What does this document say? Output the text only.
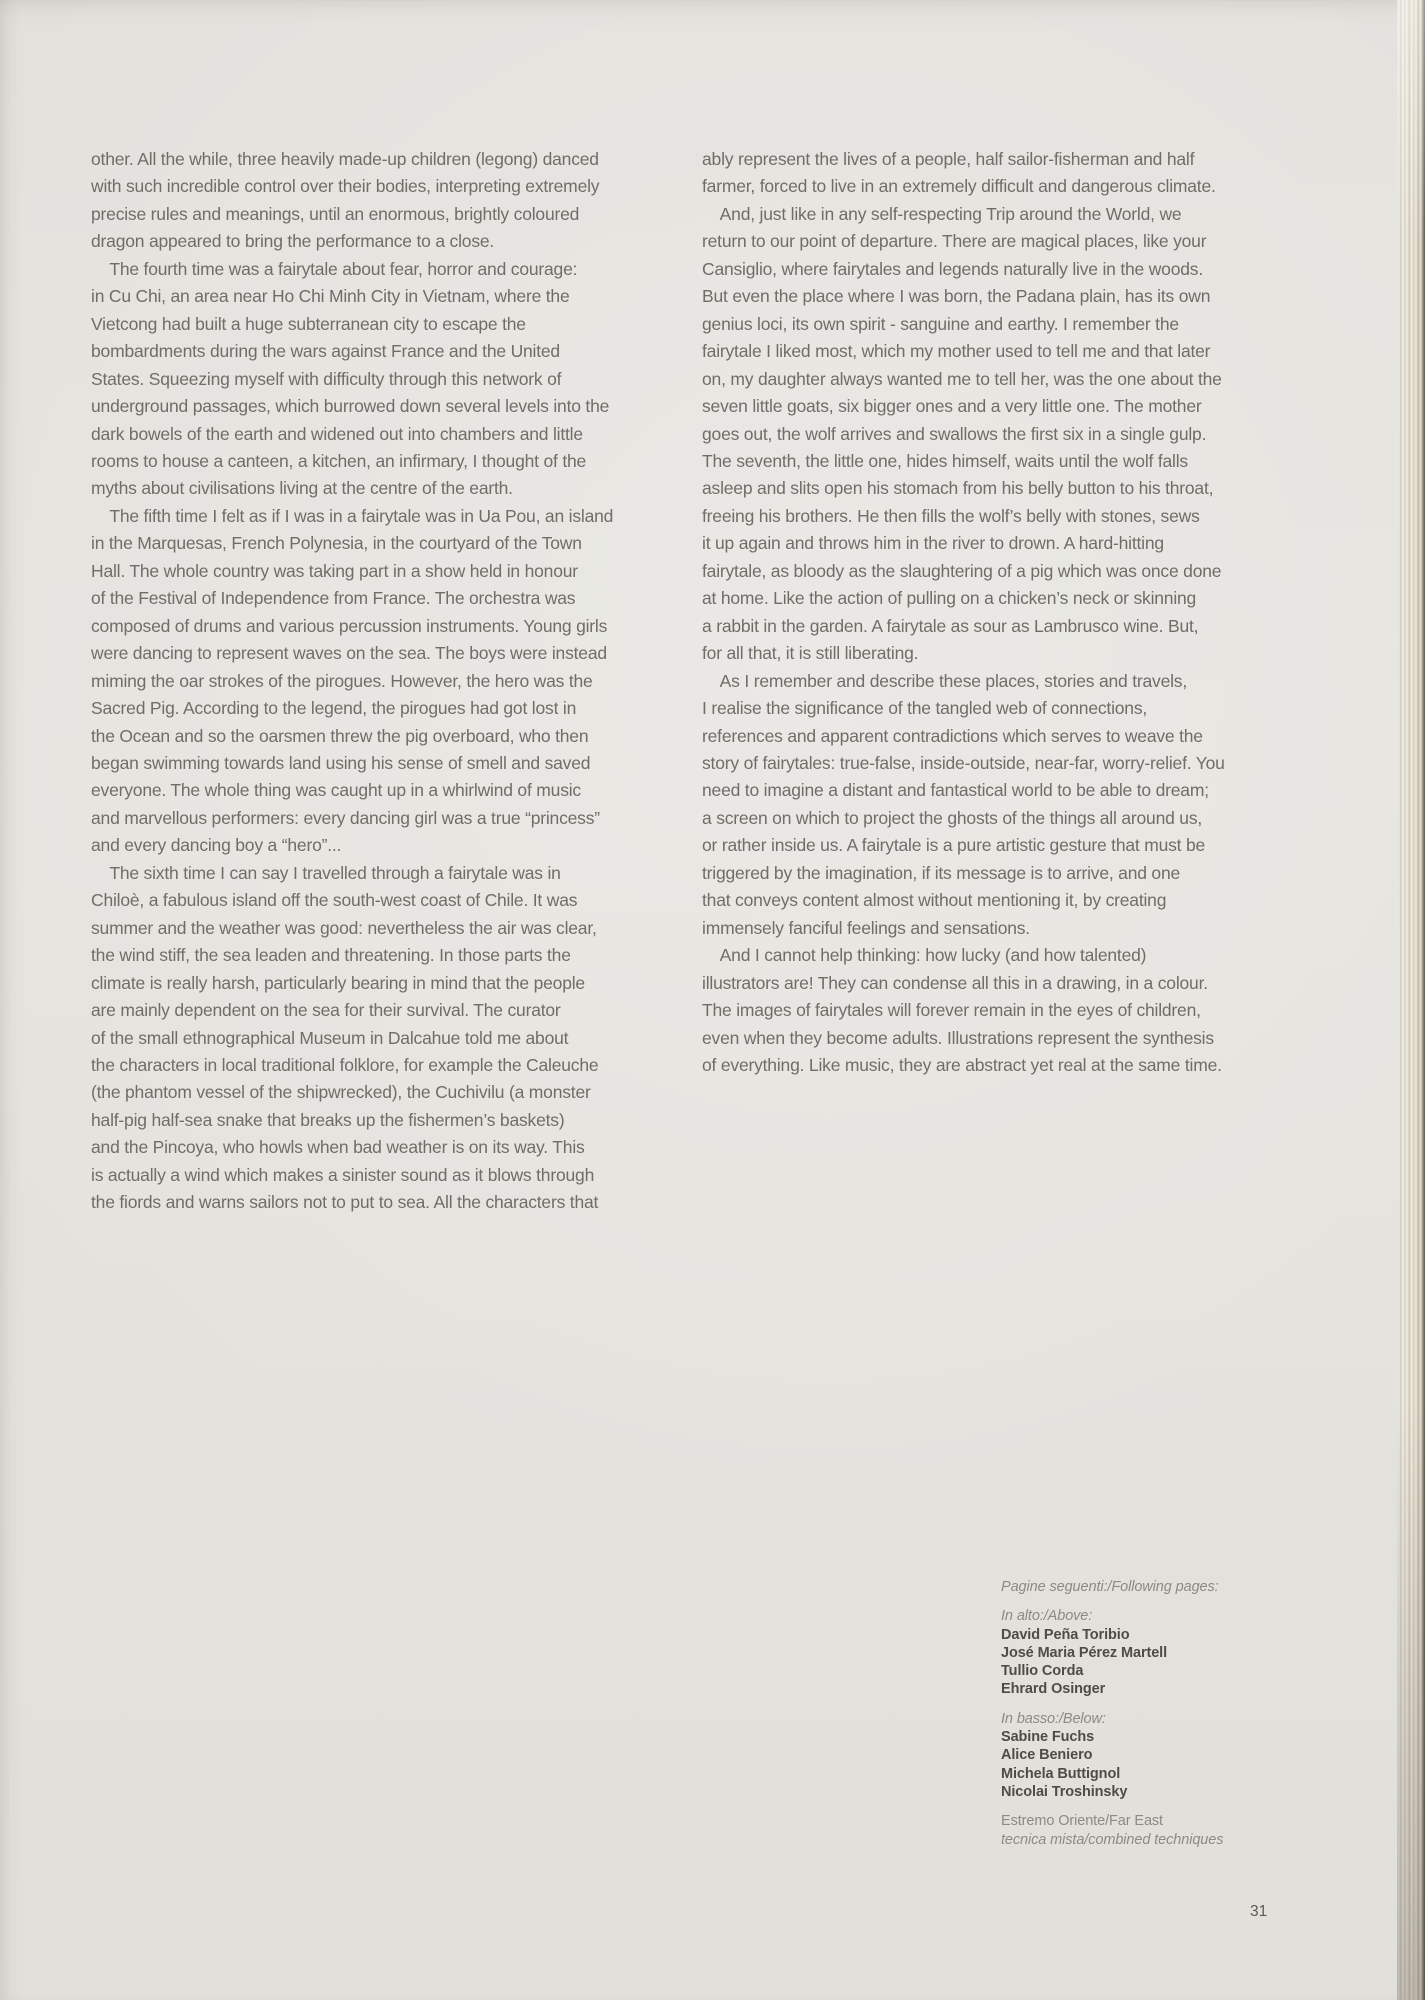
other. All the while, three heavily made-up children (legong) danced
with such incredible control over their bodies, interpreting extremely
precise rules and meanings, until an enormous, brightly coloured
dragon appeared to bring the performance to a close.
The fourth time was a fairytale about fear, horror and courage:
in Cu Chi, an area near Ho Chi Minh City in Vietnam, where the
Vietcong had built a huge subterranean city to escape the
bombardments during the wars against France and the United
States. Squeezing myself with difficulty through this network of
underground passages, which burrowed down several levels into the
dark bowels of the earth and widened out into chambers and little
rooms to house a canteen, a kitchen, an infirmary, I thought of the
myths about civilisations living at the centre of the earth.
The fifth time I felt as if I was in a fairytale was in Ua Pou, an island
in the Marquesas, French Polynesia, in the courtyard of the Town
Hall. The whole country was taking part in a show held in honour
of the Festival of Independence from France. The orchestra was
composed of drums and various percussion instruments. Young girls
were dancing to represent waves on the sea. The boys were instead
miming the oar strokes of the pirogues. However, the hero was the
Sacred Pig. According to the legend, the pirogues had got lost in
the Ocean and so the oarsmen threw the pig overboard, who then
began swimming towards land using his sense of smell and saved
everyone. The whole thing was caught up in a whirlwind of music
and marvellous performers: every dancing girl was a true “princess”
and every dancing boy a “hero”...
The sixth time I can say I travelled through a fairytale was in
Chiloè, a fabulous island off the south-west coast of Chile. It was
summer and the weather was good: nevertheless the air was clear,
the wind stiff, the sea leaden and threatening. In those parts the
climate is really harsh, particularly bearing in mind that the people
are mainly dependent on the sea for their survival. The curator
of the small ethnographical Museum in Dalcahue told me about
the characters in local traditional folklore, for example the Caleuche
(the phantom vessel of the shipwrecked), the Cuchivilu (a monster
half-pig half-sea snake that breaks up the fishermen’s baskets)
and the Pincoya, who howls when bad weather is on its way. This
is actually a wind which makes a sinister sound as it blows through
the fiords and warns sailors not to put to sea. All the characters that
ably represent the lives of a people, half sailor-fisherman and half
farmer, forced to live in an extremely difficult and dangerous climate.
And, just like in any self-respecting Trip around the World, we
return to our point of departure. There are magical places, like your
Cansiglio, where fairytales and legends naturally live in the woods.
But even the place where I was born, the Padana plain, has its own
genius loci, its own spirit - sanguine and earthy. I remember the
fairytale I liked most, which my mother used to tell me and that later
on, my daughter always wanted me to tell her, was the one about the
seven little goats, six bigger ones and a very little one. The mother
goes out, the wolf arrives and swallows the first six in a single gulp.
The seventh, the little one, hides himself, waits until the wolf falls
asleep and slits open his stomach from his belly button to his throat,
freeing his brothers. He then fills the wolf’s belly with stones, sews
it up again and throws him in the river to drown. A hard-hitting
fairytale, as bloody as the slaughtering of a pig which was once done
at home. Like the action of pulling on a chicken’s neck or skinning
a rabbit in the garden. A fairytale as sour as Lambrusco wine. But,
for all that, it is still liberating.
As I remember and describe these places, stories and travels,
I realise the significance of the tangled web of connections,
references and apparent contradictions which serves to weave the
story of fairytales: true-false, inside-outside, near-far, worry-relief. You
need to imagine a distant and fantastical world to be able to dream;
a screen on which to project the ghosts of the things all around us,
or rather inside us. A fairytale is a pure artistic gesture that must be
triggered by the imagination, if its message is to arrive, and one
that conveys content almost without mentioning it, by creating
immensely fanciful feelings and sensations.
And I cannot help thinking: how lucky (and how talented)
illustrators are! They can condense all this in a drawing, in a colour.
The images of fairytales will forever remain in the eyes of children,
even when they become adults. Illustrations represent the synthesis
of everything. Like music, they are abstract yet real at the same time.
Pagine seguenti:/Following pages:
In alto:/Above:
David Peña Toribio
José Maria Pérez Martell
Tullio Corda
Ehrard Osinger
In basso:/Below:
Sabine Fuchs
Alice Beniero
Michela Buttignol
Nicolai Troshinsky
Estremo Oriente/Far East
tecnica mista/combined techniques
31
